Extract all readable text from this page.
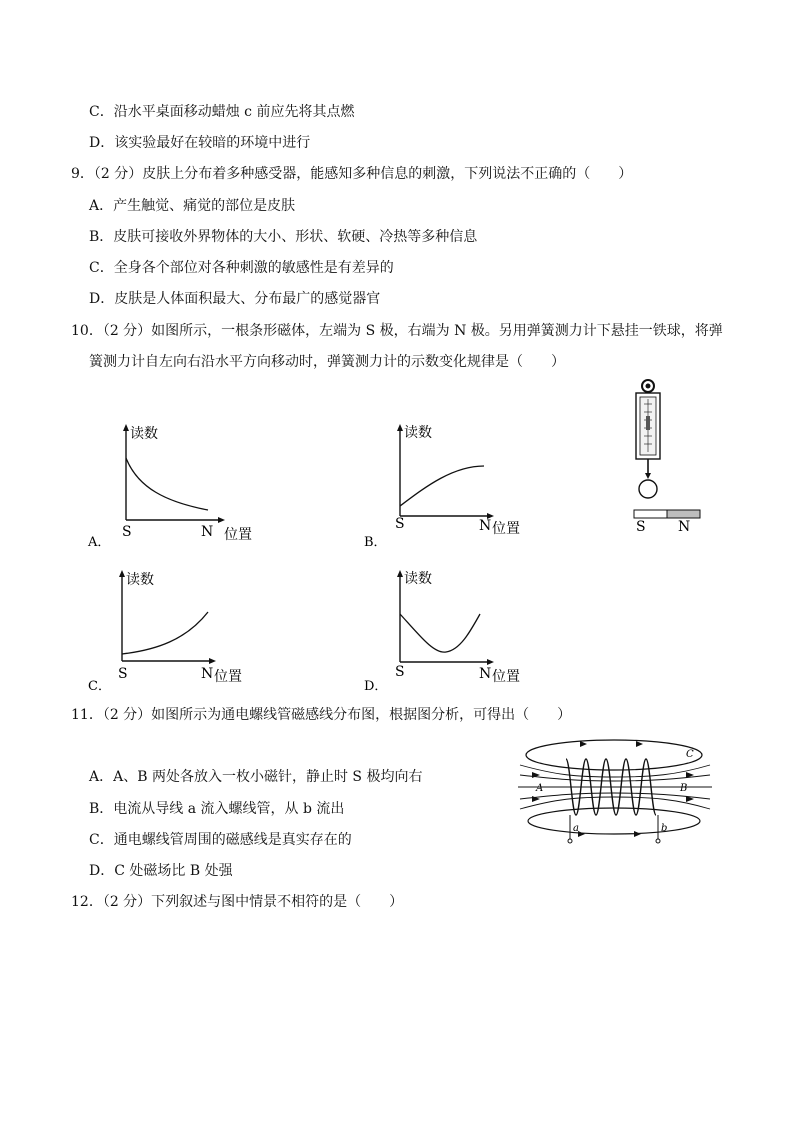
C．沿水平桌面移动蜡烛 c 前应先将其点燃
D．该实验最好在较暗的环境中进行
9．（2 分）皮肤上分布着多种感受器，能感知多种信息的刺激，下列说法不正确的（　　）
A．产生触觉、痛觉的部位是皮肤
B．皮肤可接收外界物体的大小、形状、软硬、冷热等多种信息
C．全身各个部位对各种刺激的敏感性是有差异的
D．皮肤是人体面积最大、分布最广的感觉器官
10．（2 分）如图所示，一根条形磁体，左端为 S 极，右端为 N 极。另用弹簧测力计下悬挂一铁球，将弹
簧测力计自左向右沿水平方向移动时，弹簧测力计的示数变化规律是（　　）
读数
S	N 位置
A．
读数
S	N 位置
B．
S N
读数
S	N 位置
C．
读数
S	N 位置
D．
11．（2 分）如图所示为通电螺线管磁感线分布图，根据图分析，可得出（　　）
A．A、B 两处各放入一枚小磁针，静止时 S 极均向右
B．电流从导线 a 流入螺线管，从 b 流出
C．通电螺线管周围的磁感线是真实存在的
D．C 处磁场比 B 处强
A	B
C
a	b
12．（2 分）下列叙述与图中情景不相符的是（　　）
